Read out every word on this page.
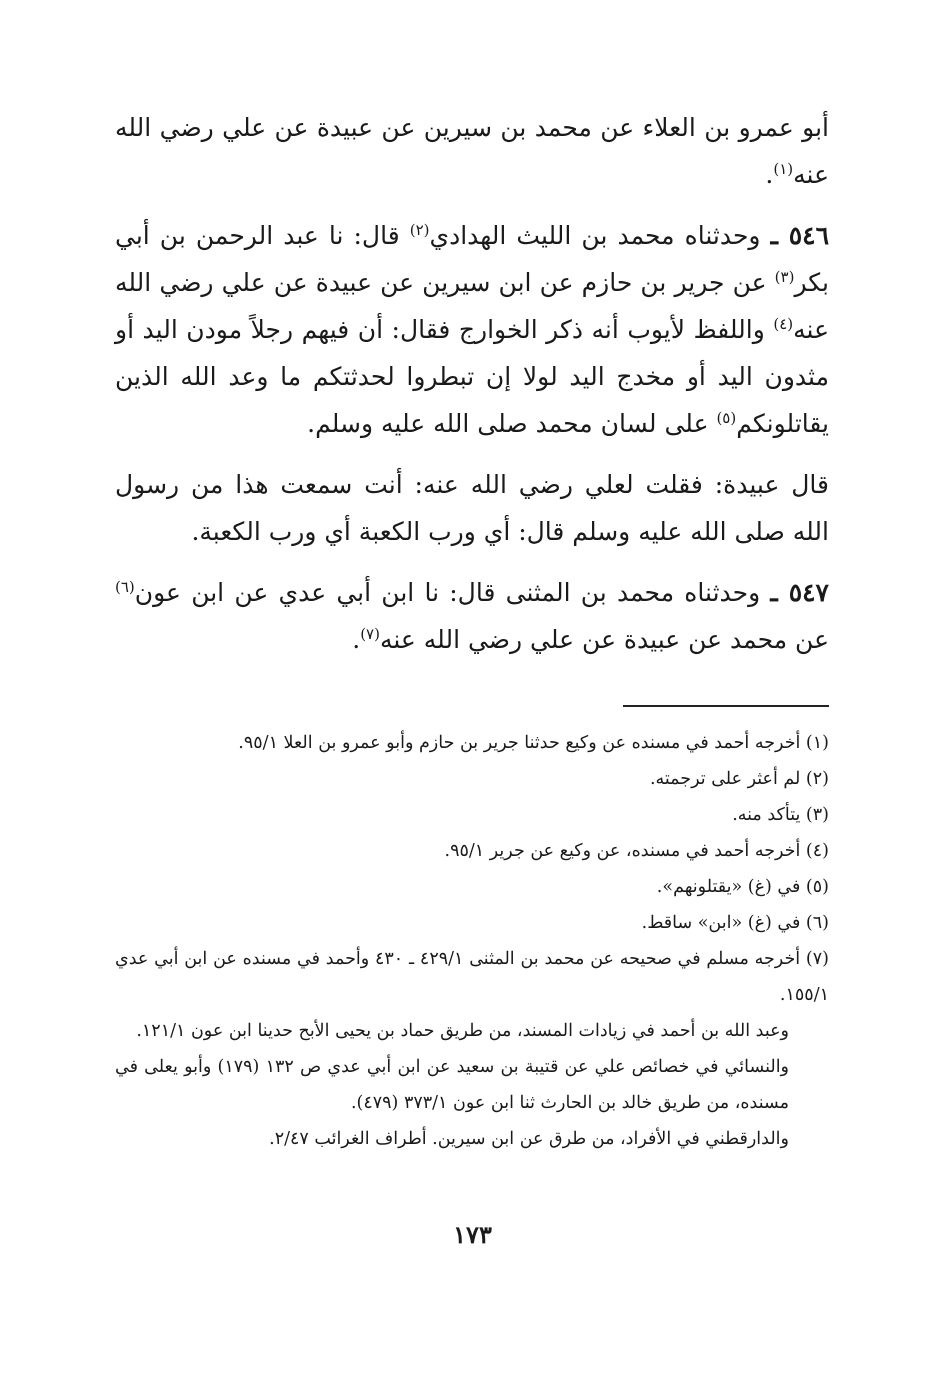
أبو عمرو بن العلاء عن محمد بن سيرين عن عبيدة عن علي رضي الله عنه$^{(١)}$.

٥٤٦ ـ وحدثناه محمد بن الليث الهدادي$^{(٢)}$ قال: نا عبد الرحمن بن أبي بكر$^{(٣)}$ عن جرير بن حازم عن ابن سيرين عن عبيدة عن علي رضي الله عنه$^{(٤)}$ واللفظ لأيوب أنه ذكر الخوارج فقال: أن فيهم رجلاً مودن اليد أو مثدون اليد أو مخدج اليد لولا إن تبطروا لحدثتكم ما وعد الله الذين يقاتلونكم$^{(٥)}$ على لسان محمد صلى الله عليه وسلم.

قال عبيدة: فقلت لعلي رضي الله عنه: أنت سمعت هذا من رسول الله صلى الله عليه وسلم قال: أي ورب الكعبة أي ورب الكعبة.

٥٤٧ ـ وحدثناه محمد بن المثنى قال: نا ابن أبي عدي عن ابن عون$^{(٦)}$ عن محمد عن عبيدة عن علي رضي الله عنه$^{(٧)}$.

(١) أخرجه أحمد في مسنده عن وكيع حدثنا جرير بن حازم وأبو عمرو بن العلا ٩٥/١.

(٢) لم أعثر على ترجمته.

(٣) يتأكد منه.

(٤) أخرجه أحمد في مسنده، عن وكيع عن جرير ٩٥/١.

(٥) في (غ) «يقتلونهم».

(٦) في (غ) «ابن» ساقط.

(٧) أخرجه مسلم في صحيحه عن محمد بن المثنى ٤٢٩/١ ـ ٤٣٠ وأحمد في مسنده عن ابن أبي عدي ١٥٥/١.

وعبد الله بن أحمد في زيادات المسند، من طريق حماد بن يحيى الأبح حدينا ابن عون ١٢١/١.

والنسائي في خصائص علي عن قتيبة بن سعيد عن ابن أبي عدي ص ١٣٢ (١٧٩) وأبو يعلى في مسنده، من طريق خالد بن الحارث ثنا ابن عون ٣٧٣/١ (٤٧٩).

والدارقطني في الأفراد، من طرق عن ابن سيرين. أطراف الغرائب ٢/٤٧.

١٧٣
